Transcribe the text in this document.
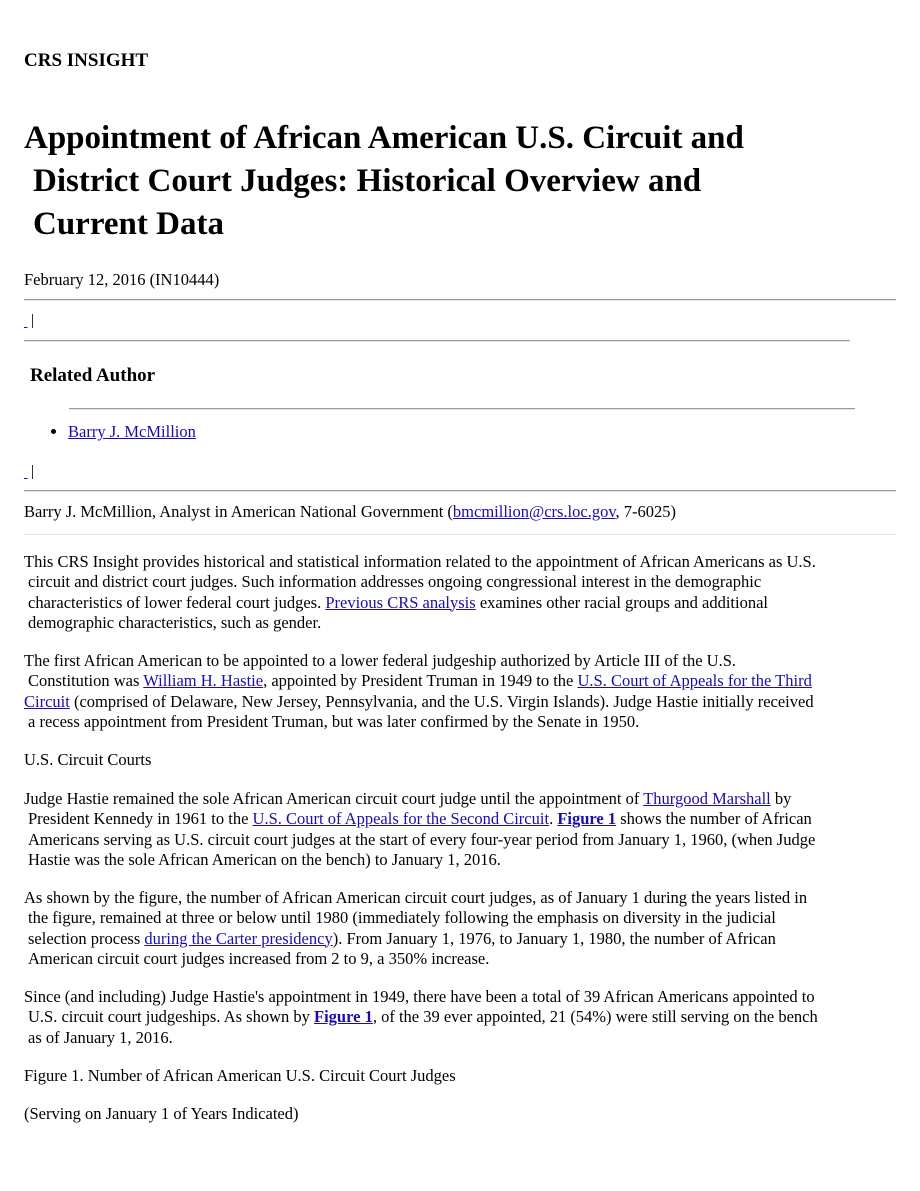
CRS INSIGHT

Appointment of African American U.S. Circuit and
District Court Judges: Historical Overview and
Current Data

February 12, 2016 (IN10444)

Related Author
• Barry J. McMillion

Barry J. McMillion, Analyst in American National Government (bmcmillion@crs.loc.gov, 7-6025)

This CRS Insight provides historical and statistical information related to the appointment of African Americans as U.S.
circuit and district court judges. Such information addresses ongoing congressional interest in the demographic
characteristics of lower federal court judges. Previous CRS analysis examines other racial groups and additional
demographic characteristics, such as gender.

The first African American to be appointed to a lower federal judgeship authorized by Article III of the U.S.
Constitution was William H. Hastie, appointed by President Truman in 1949 to the U.S. Court of Appeals for the Third
Circuit (comprised of Delaware, New Jersey, Pennsylvania, and the U.S. Virgin Islands). Judge Hastie initially received
a recess appointment from President Truman, but was later confirmed by the Senate in 1950.

U.S. Circuit Courts

Judge Hastie remained the sole African American circuit court judge until the appointment of Thurgood Marshall by
President Kennedy in 1961 to the U.S. Court of Appeals for the Second Circuit. Figure 1 shows the number of African
Americans serving as U.S. circuit court judges at the start of every four-year period from January 1, 1960, (when Judge
Hastie was the sole African American on the bench) to January 1, 2016.

As shown by the figure, the number of African American circuit court judges, as of January 1 during the years listed in
the figure, remained at three or below until 1980 (immediately following the emphasis on diversity in the judicial
selection process during the Carter presidency). From January 1, 1976, to January 1, 1980, the number of African
American circuit court judges increased from 2 to 9, a 350% increase.

Since (and including) Judge Hastie's appointment in 1949, there have been a total of 39 African Americans appointed to
U.S. circuit court judgeships. As shown by Figure 1, of the 39 ever appointed, 21 (54%) were still serving on the bench
as of January 1, 2016.

Figure 1. Number of African American U.S. Circuit Court Judges

(Serving on January 1 of Years Indicated)
